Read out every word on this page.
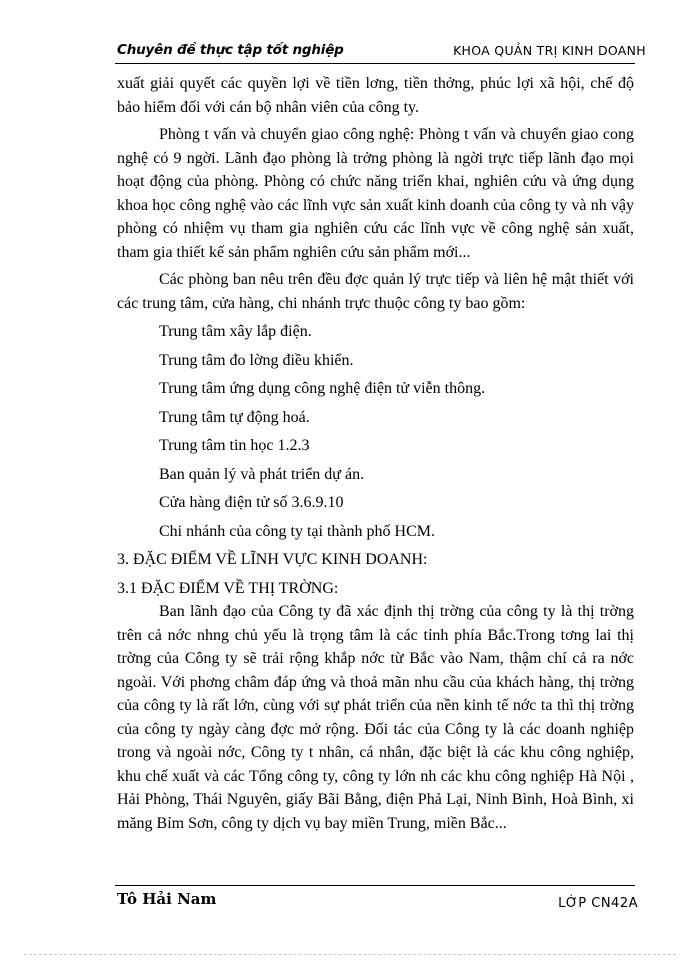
Chuyên đề thực tập tốt nghiệp	KHOA QUẢN TRỊ KINH DOANH

xuất giải quyết các quyền lợi về tiền lơng, tiền thởng, phúc lợi xã hội, chế độ bảo hiểm đối với cán bộ nhân viên của công ty.

Phòng t vấn và chuyển giao công nghệ: Phòng t vấn và chuyển giao cong nghệ có 9 ngời. Lãnh đạo phòng là trởng phòng là ngời trực tiếp lãnh đạo mọi hoạt động của phòng. Phòng có chức năng triển khai, nghiên cứu và ứng dụng khoa học công nghệ vào các lĩnh vực sản xuất kinh doanh của công ty và nh vậy phòng có nhiệm vụ tham gia nghiên cứu các lĩnh vực về công nghệ sản xuất, tham gia thiết kế sản phẩm nghiên cứu sản phẩm mới...

Các phòng ban nêu trên đều đợc quản lý trực tiếp và liên hệ mật thiết với các trung tâm, cửa hàng, chi nhánh trực thuộc công ty bao gồm:

Trung tâm xây lắp điện.

Trung tâm đo lờng điều khiển.

Trung tâm ứng dụng công nghệ điện tử viễn thông.

Trung tâm tự động hoá.

Trung tâm tin học 1.2.3

Ban quản lý và phát triển dự án.

Cửa hàng điện tử số 3.6.9.10

Chi nhánh của công ty tại thành phố HCM.

3. ĐẶC ĐIỂM VỀ LĨNH VỰC KINH DOANH:

3.1 ĐẶC ĐIỂM VỀ THỊ TRỜNG:

Ban lãnh đạo của Công ty đã xác định thị trờng của công ty là thị trờng trên cả nớc nhng chủ yếu là trọng tâm là các tỉnh phía Bắc.Trong tơng lai thị trờng của Công ty sẽ trải rộng khắp nớc từ Bắc vào Nam, thậm chí cả ra nớc ngoài. Với phơng châm đáp ứng và thoả mãn nhu cầu của khách hàng, thị trờng của công ty là rất lớn, cùng với sự phát triển của nền kinh tế nớc ta thì thị trờng của công ty ngày càng đợc mở rộng. Đối tác của Công ty là các doanh nghiệp trong và ngoài nớc, Công ty t nhân, cá nhân, đặc biệt là các khu công nghiệp, khu chế xuất và các Tổng công ty, công ty lớn nh các khu công nghiệp Hà Nội , Hải Phòng, Thái Nguyên, giấy Bãi Bằng, điện Phả Lại, Ninh Bình, Hoà Bình, xi măng Bỉm Sơn, công ty dịch vụ bay miền Trung, miền Bắc...

Tô Hải Nam	LỚP CN42A
